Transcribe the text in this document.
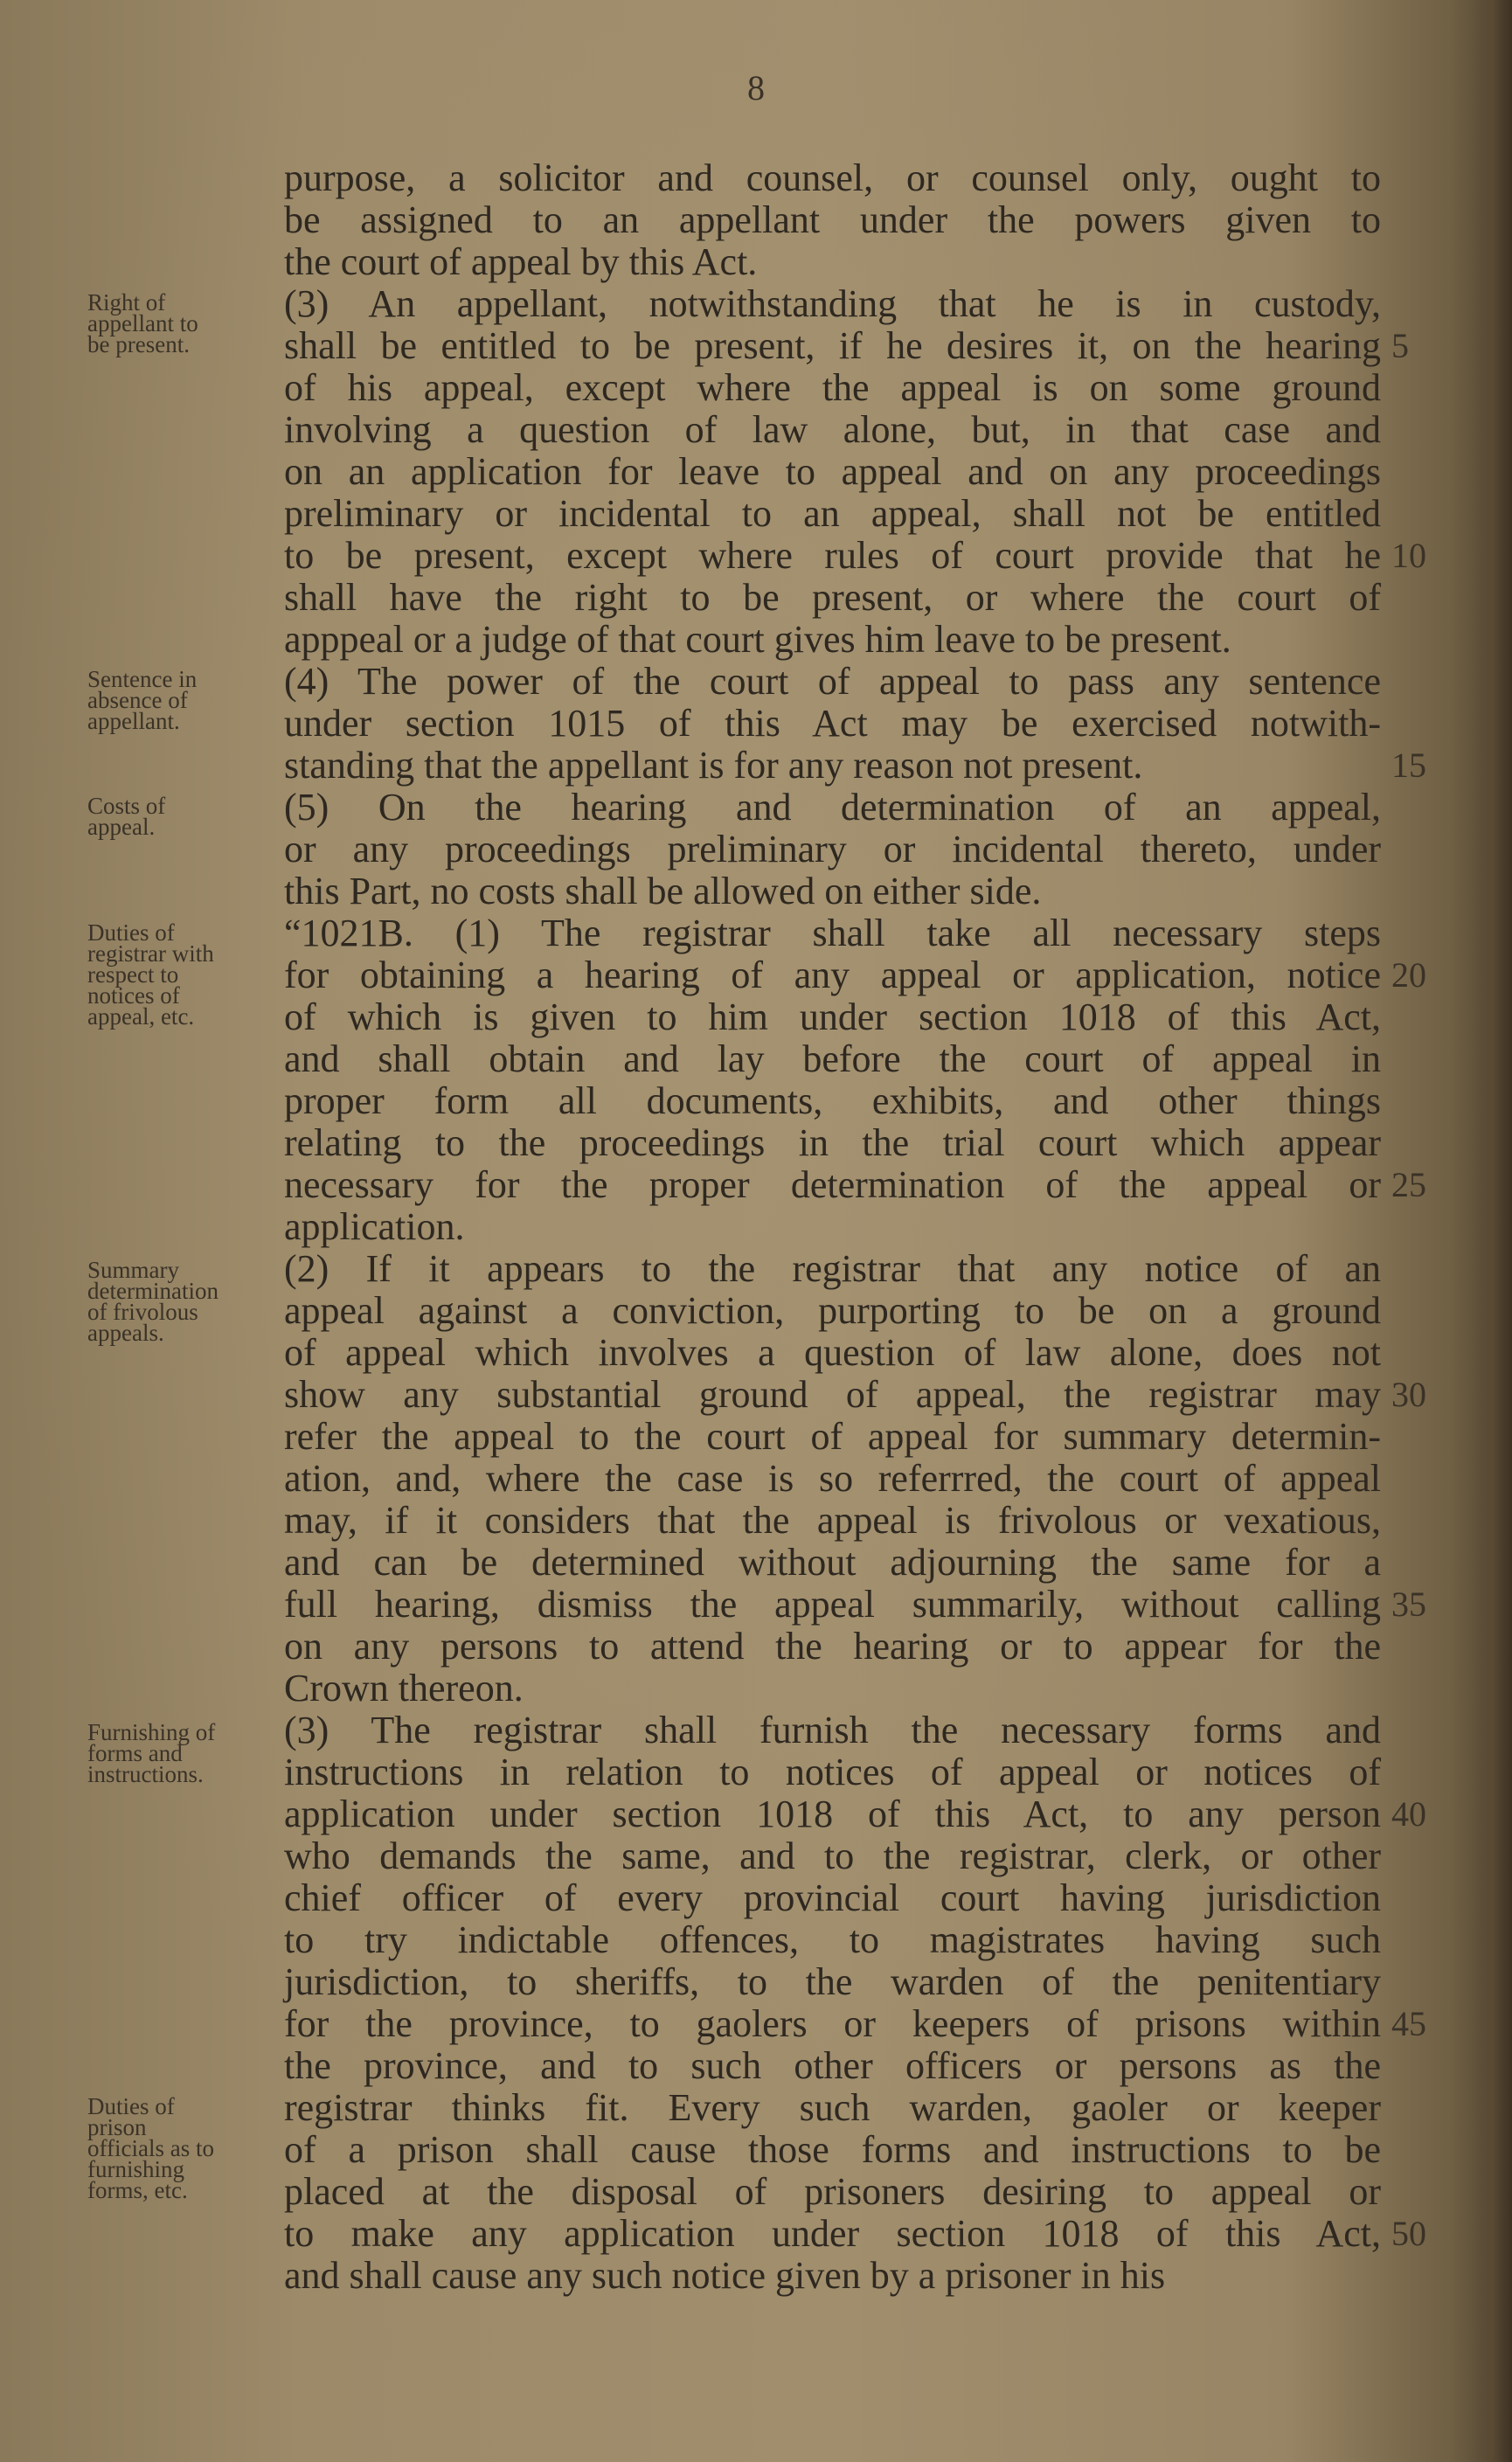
8
purpose, a solicitor and counsel, or counsel only, ought to
be assigned to an appellant under the powers given to
the court of appeal by this Act.
(3) An appellant, notwithstanding that he is in custody,
shall be entitled to be present, if he desires it, on the hearing
of his appeal, except where the appeal is on some ground
involving a question of law alone, but, in that case and
on an application for leave to appeal and on any proceedings
preliminary or incidental to an appeal, shall not be entitled
to be present, except where rules of court provide that he
shall have the right to be present, or where the court of
apppeal or a judge of that court gives him leave to be present.
(4) The power of the court of appeal to pass any sentence
under section 1015 of this Act may be exercised notwith-
standing that the appellant is for any reason not present.
(5) On the hearing and determination of an appeal,
or any proceedings preliminary or incidental thereto, under
this Part, no costs shall be allowed on either side.
“1021B. (1) The registrar shall take all necessary steps
for obtaining a hearing of any appeal or application, notice
of which is given to him under section 1018 of this Act,
and shall obtain and lay before the court of appeal in
proper form all documents, exhibits, and other things
relating to the proceedings in the trial court which appear
necessary for the proper determination of the appeal or
application.
(2) If it appears to the registrar that any notice of an
appeal against a conviction, purporting to be on a ground
of appeal which involves a question of law alone, does not
show any substantial ground of appeal, the registrar may
refer the appeal to the court of appeal for summary determin-
ation, and, where the case is so referrred, the court of appeal
may, if it considers that the appeal is frivolous or vexatious,
and can be determined without adjourning the same for a
full hearing, dismiss the appeal summarily, without calling
on any persons to attend the hearing or to appear for the
Crown thereon.
(3) The registrar shall furnish the necessary forms and
instructions in relation to notices of appeal or notices of
application under section 1018 of this Act, to any person
who demands the same, and to the registrar, clerk, or other
chief officer of every provincial court having jurisdiction
to try indictable offences, to magistrates having such
jurisdiction, to sheriffs, to the warden of the penitentiary
for the province, to gaolers or keepers of prisons within
the province, and to such other officers or persons as the
registrar thinks fit. Every such warden, gaoler or keeper
of a prison shall cause those forms and instructions to be
placed at the disposal of prisoners desiring to appeal or
to make any application under section 1018 of this Act,
and shall cause any such notice given by a prisoner in his
Right of
appellant to
be present.
Sentence in
absence of
appellant.
Costs of
appeal.
Duties of
registrar with
respect to
notices of
appeal, etc.
Summary
determination
of frivolous
appeals.
Furnishing of
forms and
instructions.
Duties of
prison
officials as to
furnishing
forms, etc.
5
10
15
20
25
30
35
40
45
50
